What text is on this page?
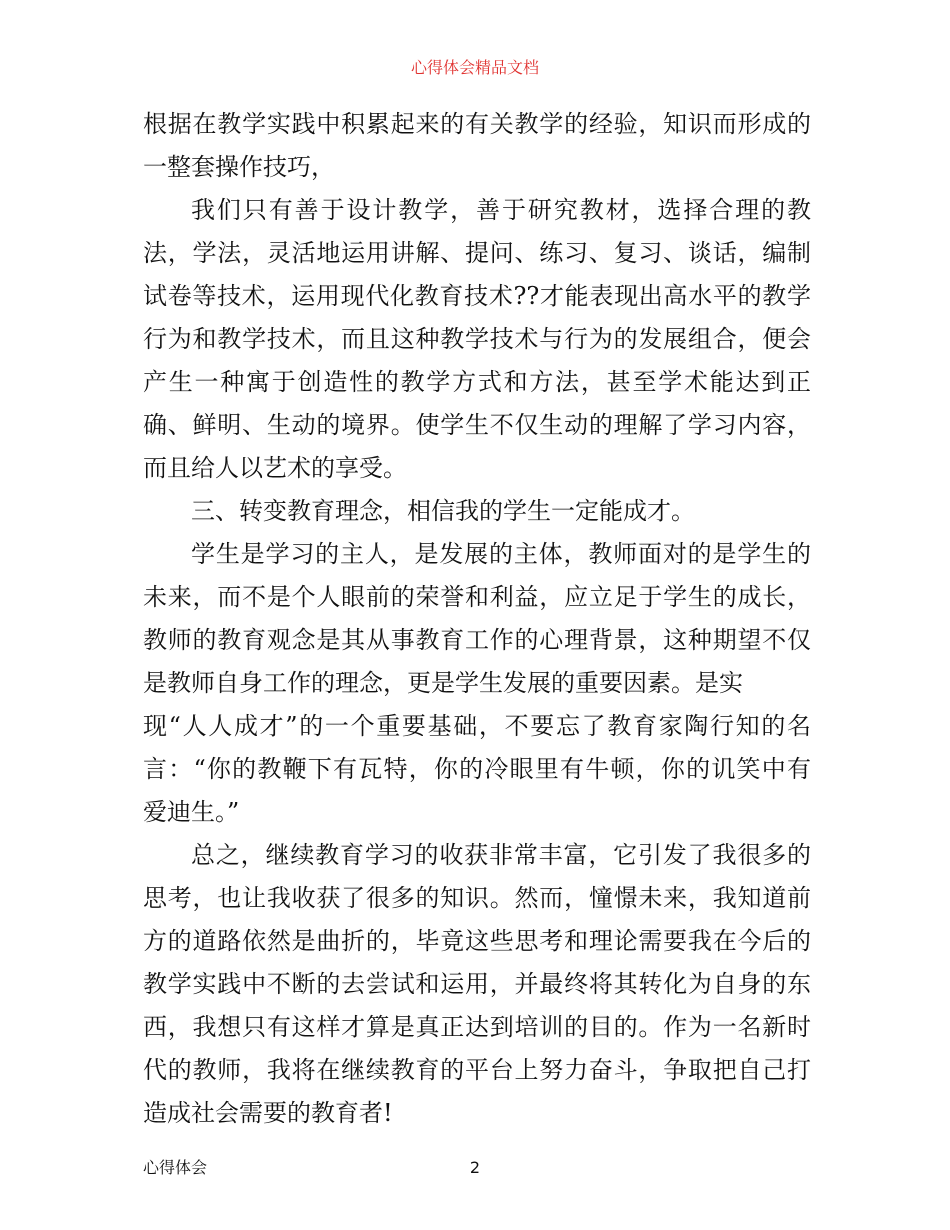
心得体会精品文档
根据在教学实践中积累起来的有关教学的经验，知识而形成的
一整套操作技巧，
我们只有善于设计教学，善于研究教材，选择合理的教
法，学法，灵活地运用讲解、提问、练习、复习、谈话，编制
试卷等技术，运用现代化教育技术??才能表现出高水平的教学
行为和教学技术，而且这种教学技术与行为的发展组合，便会
产生一种寓于创造性的教学方式和方法，甚至学术能达到正
确、鲜明、生动的境界。使学生不仅生动的理解了学习内容，
而且给人以艺术的享受。
三、转变教育理念，相信我的学生一定能成才。
学生是学习的主人，是发展的主体，教师面对的是学生的
未来，而不是个人眼前的荣誉和利益，应立足于学生的成长，
教师的教育观念是其从事教育工作的心理背景，这种期望不仅
是教师自身工作的理念，更是学生发展的重要因素。是实
现“人人成才”的一个重要基础，不要忘了教育家陶行知的名
言：“你的教鞭下有瓦特，你的冷眼里有牛顿，你的讥笑中有
爱迪生。”
总之，继续教育学习的收获非常丰富，它引发了我很多的
思考，也让我收获了很多的知识。然而，憧憬未来，我知道前
方的道路依然是曲折的，毕竟这些思考和理论需要我在今后的
教学实践中不断的去尝试和运用，并最终将其转化为自身的东
西，我想只有这样才算是真正达到培训的目的。作为一名新时
代的教师，我将在继续教育的平台上努力奋斗，争取把自己打
造成社会需要的教育者!
心得体会	2
